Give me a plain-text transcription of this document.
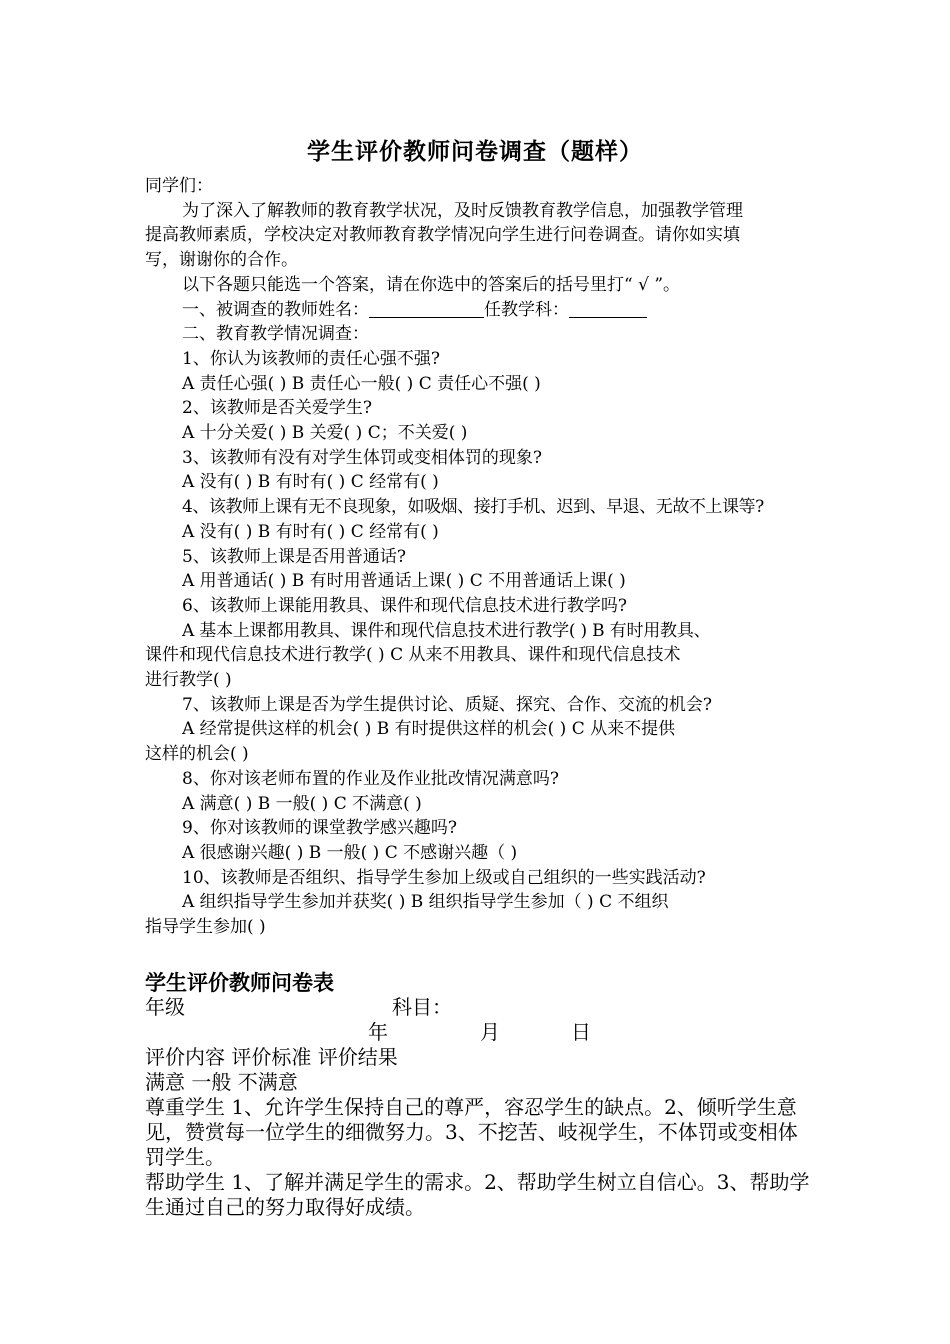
学生评价教师问卷调查（题样）
同学们：
为了深入了解教师的教育教学状况，及时反馈教育教学信息，加强教学管理
提高教师素质，学校决定对教师教育教学情况向学生进行问卷调查。请你如实填
写，谢谢你的合作。
以下各题只能选一个答案，请在你选中的答案后的括号里打“ √ ”。
一、被调查的教师姓名：	任教学科：
二、教育教学情况调查：
1、你认为该教师的责任心强不强?
A 责任心强( ) B 责任心一般( ) C 责任心不强( )
2、该教师是否关爱学生?
A 十分关爱( ) B 关爱( ) C；不关爱( )
3、该教师有没有对学生体罚或变相体罚的现象?
A 没有( ) B 有时有( ) C 经常有( )
4、该教师上课有无不良现象，如吸烟、接打手机、迟到、早退、无故不上课等?
A 没有( ) B 有时有( ) C 经常有( )
5、该教师上课是否用普通话?
A 用普通话( ) B 有时用普通话上课( ) C 不用普通话上课( )
6、该教师上课能用教具、课件和现代信息技术进行教学吗?
A 基本上课都用教具、课件和现代信息技术进行教学( ) B 有时用教具、
课件和现代信息技术进行教学( ) C 从来不用教具、课件和现代信息技术
进行教学( )
7、该教师上课是否为学生提供讨论、质疑、探究、合作、交流的机会?
A 经常提供这样的机会( ) B 有时提供这样的机会( ) C 从来不提供
这样的机会( )
8、你对该老师布置的作业及作业批改情况满意吗?
A 满意( ) B 一般( ) C 不满意( )
9、你对该教师的课堂教学感兴趣吗?
A 很感谢兴趣( ) B 一般( ) C 不感谢兴趣（ )
10、该教师是否组织、指导学生参加上级或自己组织的一些实践活动?
A 组织指导学生参加并获奖( ) B 组织指导学生参加（ ) C 不组织
指导学生参加( )
学生评价教师问卷表
年级	科目：
年	月	日
评价内容 评价标准 评价结果
满意 一般 不满意
尊重学生 1、允许学生保持自己的尊严，容忍学生的缺点。2、倾听学生意见，赞赏每一位学生的细微努力。3、不挖苦、岐视学生，不体罚或变相体罚学生。
帮助学生 1、了解并满足学生的需求。2、帮助学生树立自信心。3、帮助学生通过自己的努力取得好成绩。
